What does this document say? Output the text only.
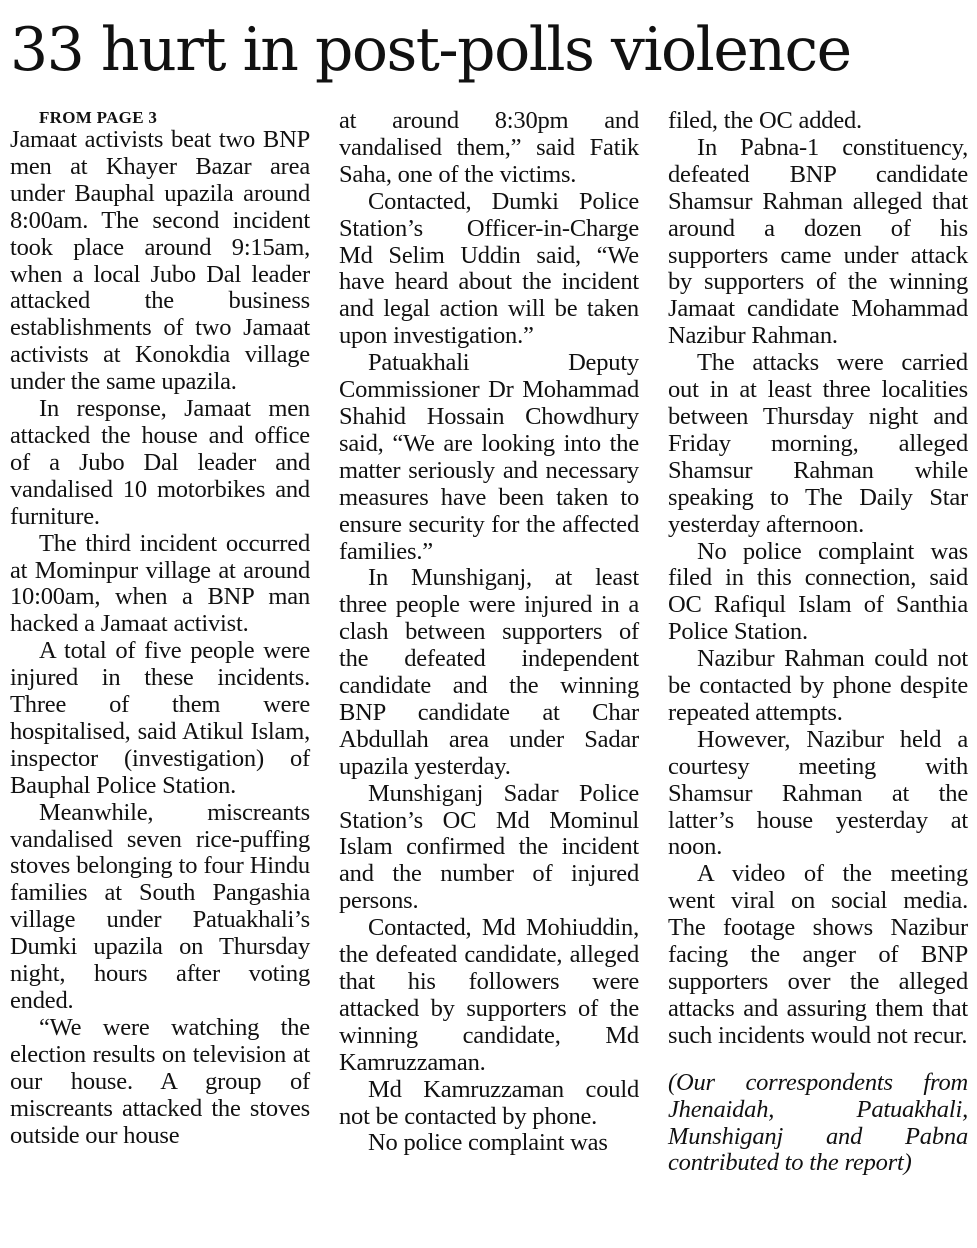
33 hurt in post-polls violence

FROM PAGE 3

Jamaat activists beat two BNP men at Khayer Bazar area under Bauphal upazila around 8:00am. The second incident took place around 9:15am, when a local Jubo Dal leader attacked the business establishments of two Jamaat activists at Konokdia village under the same upazila.

In response, Jamaat men attacked the house and office of a Jubo Dal leader and vandalised 10 motorbikes and furniture.

The third incident occurred at Mominpur village at around 10:00am, when a BNP man hacked a Jamaat activist.

A total of five people were injured in these incidents. Three of them were hospitalised, said Atikul Islam, inspector (investigation) of Bauphal Police Station.

Meanwhile, miscreants vandalised seven rice-puffing stoves belonging to four Hindu families at South Pangashia village under Patuakhali’s Dumki upazila on Thursday night, hours after voting ended.

“We were watching the election results on television at our house. A group of miscreants attacked the stoves outside our house

at around 8:30pm and vandalised them,” said Fatik Saha, one of the victims.

Contacted, Dumki Police Station’s Officer-in-Charge Md Selim Uddin said, “We have heard about the incident and legal action will be taken upon investigation.”

Patuakhali Deputy Commissioner Dr Mohammad Shahid Hossain Chowdhury said, “We are looking into the matter seriously and necessary measures have been taken to ensure security for the affected families.”

In Munshiganj, at least three people were injured in a clash between supporters of the defeated independent candidate and the winning BNP candidate at Char Abdullah area under Sadar upazila yesterday.

Munshiganj Sadar Police Station’s OC Md Mominul Islam confirmed the incident and the number of injured persons.

Contacted, Md Mohiuddin, the defeated candidate, alleged that his followers were attacked by supporters of the winning candidate, Md Kamruzzaman.

Md Kamruzzaman could not be contacted by phone.

No police complaint was

filed, the OC added.

In Pabna-1 constituency, defeated BNP candidate Shamsur Rahman alleged that around a dozen of his supporters came under attack by supporters of the winning Jamaat candidate Mohammad Nazibur Rahman.

The attacks were carried out in at least three localities between Thursday night and Friday morning, alleged Shamsur Rahman while speaking to The Daily Star yesterday afternoon.

No police complaint was filed in this connection, said OC Rafiqul Islam of Santhia Police Station.

Nazibur Rahman could not be contacted by phone despite repeated attempts.

However, Nazibur held a courtesy meeting with Shamsur Rahman at the latter’s house yesterday at noon.

A video of the meeting went viral on social media. The footage shows Nazibur facing the anger of BNP supporters over the alleged attacks and assuring them that such incidents would not recur.

(Our correspondents from Jhenaidah, Patuakhali, Munshiganj and Pabna contributed to the report)
